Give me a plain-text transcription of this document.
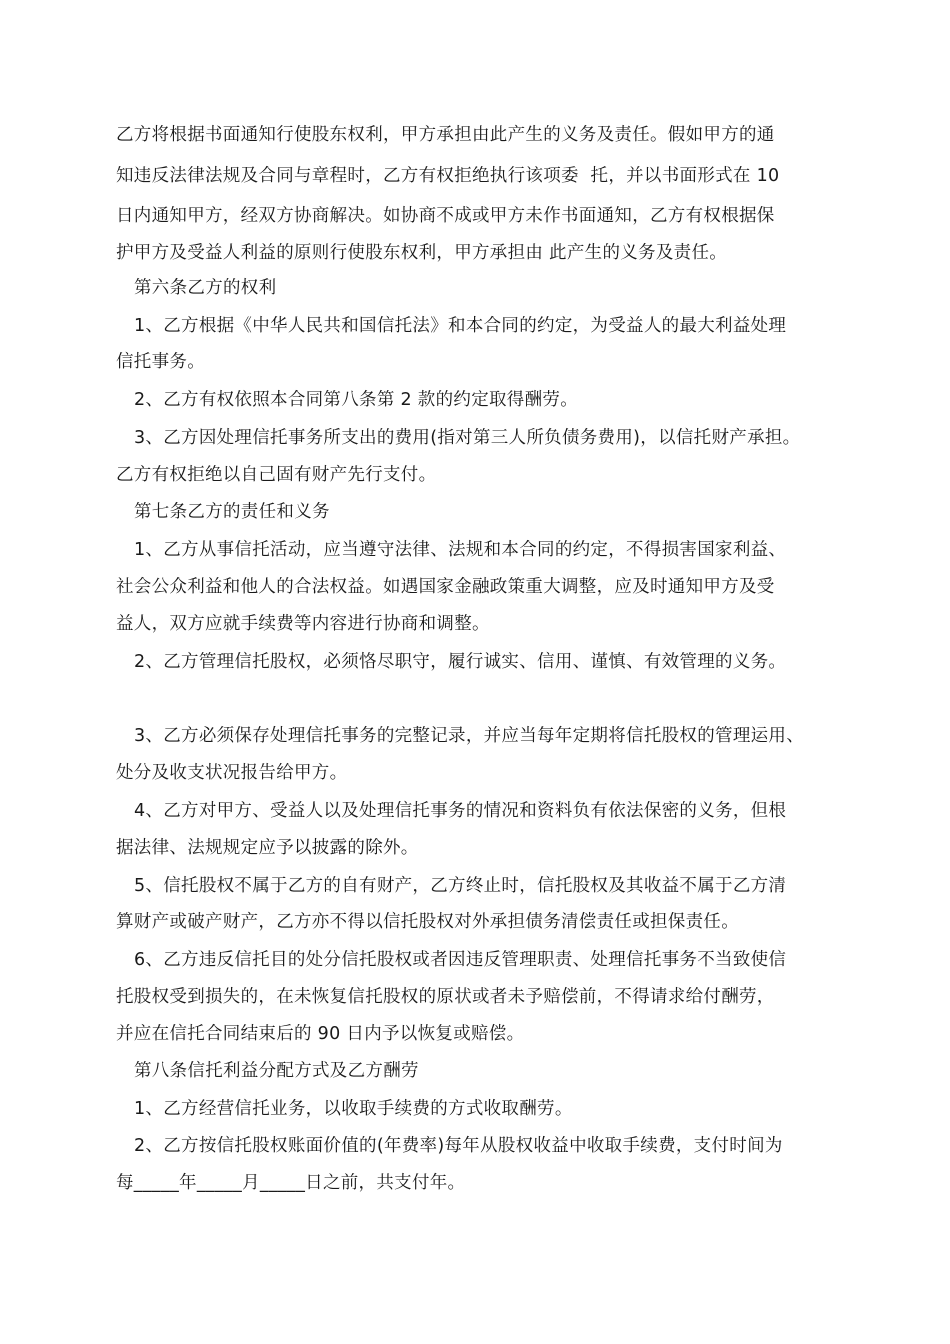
乙方将根据书面通知行使股东权利，甲方承担由此产生的义务及责任。假如甲方的通
知违反法律法规及合同与章程时，乙方有权拒绝执行该项委  托，并以书面形式在 10
日内通知甲方，经双方协商解决。如协商不成或甲方未作书面通知，乙方有权根据保
护甲方及受益人利益的原则行使股东权利，甲方承担由 此产生的义务及责任。
第六条乙方的权利
1、乙方根据《中华人民共和国信托法》和本合同的约定，为受益人的最大利益处理
信托事务。
2、乙方有权依照本合同第八条第 2 款的约定取得酬劳。
3、乙方因处理信托事务所支出的费用(指对第三人所负债务费用)，以信托财产承担。
乙方有权拒绝以自己固有财产先行支付。
第七条乙方的责任和义务
1、乙方从事信托活动，应当遵守法律、法规和本合同的约定，不得损害国家利益、
社会公众利益和他人的合法权益。如遇国家金融政策重大调整，应及时通知甲方及受
益人，双方应就手续费等内容进行协商和调整。
2、乙方管理信托股权，必须恪尽职守，履行诚实、信用、谨慎、有效管理的义务。
3、乙方必须保存处理信托事务的完整记录，并应当每年定期将信托股权的管理运用、
处分及收支状况报告给甲方。
4、乙方对甲方、受益人以及处理信托事务的情况和资料负有依法保密的义务，但根
据法律、法规规定应予以披露的除外。
5、信托股权不属于乙方的自有财产，乙方终止时，信托股权及其收益不属于乙方清
算财产或破产财产，乙方亦不得以信托股权对外承担债务清偿责任或担保责任。
6、乙方违反信托目的处分信托股权或者因违反管理职责、处理信托事务不当致使信
托股权受到损失的，在未恢复信托股权的原状或者未予赔偿前，不得请求给付酬劳，
并应在信托合同结束后的 90 日内予以恢复或赔偿。
第八条信托利益分配方式及乙方酬劳
1、乙方经营信托业务，以收取手续费的方式收取酬劳。
2、乙方按信托股权账面价值的(年费率)每年从股权收益中收取手续费，支付时间为
每_____年_____月_____日之前，共支付年。
